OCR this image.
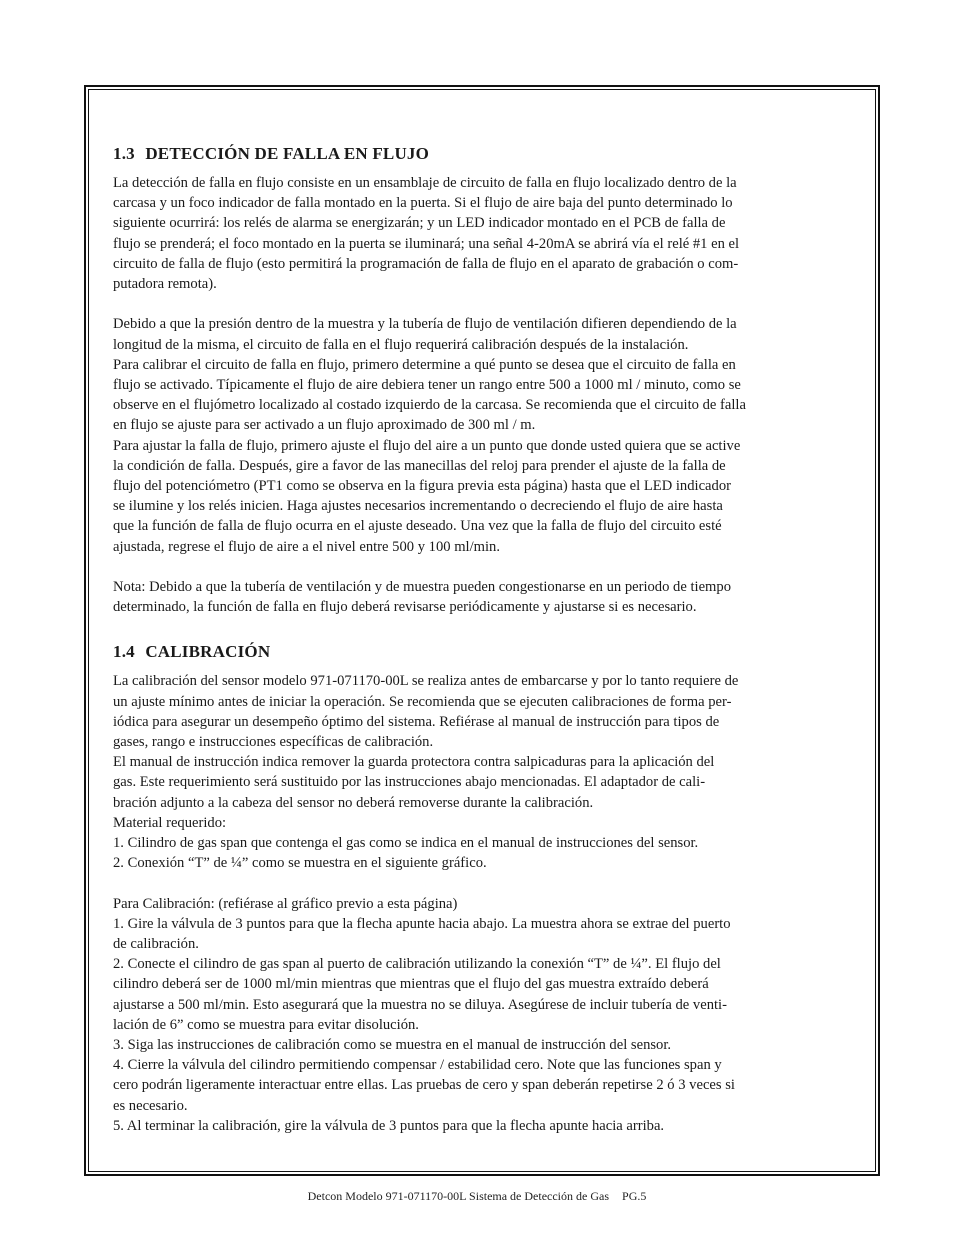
1.3 DETECCIÓN DE FALLA EN FLUJO
La detección de falla en flujo consiste en un ensamblaje de circuito de falla en flujo localizado dentro de la
carcasa y un foco indicador de falla montado en la puerta. Si el flujo de aire baja del punto determinado lo
siguiente ocurrirá: los relés de alarma se energizarán; y un LED indicador montado en el PCB de falla de
flujo se prenderá; el foco montado en la puerta se iluminará; una señal 4-20mA se abrirá vía el relé #1 en el
circuito de falla de flujo (esto permitirá la programación de falla de flujo en el aparato de grabación o com-
putadora remota).
Debido a que la presión dentro de la muestra y la tubería de flujo de ventilación difieren dependiendo de la
longitud de la misma, el circuito de falla en el flujo requerirá calibración después de la instalación.
Para calibrar el circuito de falla en flujo, primero determine a qué punto se desea que el circuito de falla en
flujo se activado. Típicamente el flujo de aire debiera tener un rango entre 500 a 1000 ml / minuto, como se
observe en el flujómetro localizado al costado izquierdo de la carcasa. Se recomienda que el circuito de falla
en flujo se ajuste para ser activado a un flujo aproximado de 300 ml / m.
Para ajustar la falla de flujo, primero ajuste el flujo del aire a un punto que donde usted quiera que se active
la condición de falla. Después, gire a favor de las manecillas del reloj para prender el ajuste de la falla de
flujo del potenciómetro (PT1 como se observa en la figura previa esta página) hasta que el LED indicador
se ilumine y los relés inicien. Haga ajustes necesarios incrementando o decreciendo el flujo de aire hasta
que la función de falla de flujo ocurra en el ajuste deseado. Una vez que la falla de flujo del circuito esté
ajustada, regrese el flujo de aire a el nivel entre 500 y 100 ml/min.
Nota: Debido a que la tubería de ventilación y de muestra pueden congestionarse en un periodo de tiempo
determinado, la función de falla en flujo deberá revisarse periódicamente y ajustarse si es necesario.
1.4 CALIBRACIÓN
La calibración del sensor modelo 971-071170-00L se realiza antes de embarcarse y por lo tanto requiere de
un ajuste mínimo antes de iniciar la operación. Se recomienda que se ejecuten calibraciones de forma per-
iódica para asegurar un desempeño óptimo del sistema. Refiérase al manual de instrucción para tipos de
gases, rango e instrucciones específicas de calibración.
El manual de instrucción indica remover la guarda protectora contra salpicaduras para la aplicación del
gas. Este requerimiento será sustituido por las instrucciones abajo mencionadas. El adaptador de cali-
bración adjunto a la cabeza del sensor no deberá removerse durante la calibración.
Material requerido:
1. Cilindro de gas span que contenga el gas como se indica en el manual de instrucciones del sensor.
2. Conexión “T” de ¼” como se muestra en el siguiente gráfico.
Para Calibración: (refiérase al gráfico previo a esta página)
1. Gire la válvula de 3 puntos para que la flecha apunte hacia abajo. La muestra ahora se extrae del puerto
de calibración.
2. Conecte el cilindro de gas span al puerto de calibración utilizando la conexión “T” de ¼”. El flujo del
cilindro deberá ser de 1000 ml/min mientras que mientras que el flujo del gas muestra extraído deberá
ajustarse a 500 ml/min. Esto asegurará que la muestra no se diluya. Asegúrese de incluir tubería de venti-
lación de 6” como se muestra para evitar disolución.
3. Siga las instrucciones de calibración como se muestra en el manual de instrucción del sensor.
4. Cierre la válvula del cilindro permitiendo compensar / estabilidad cero. Note que las funciones span y
cero podrán ligeramente interactuar entre ellas. Las pruebas de cero y span deberán repetirse 2 ó 3 veces si
es necesario.
5. Al terminar la calibración, gire la válvula de 3 puntos para que la flecha apunte hacia arriba.
Detcon Modelo 971-071170-00L Sistema de Detección de Gas PG.5
